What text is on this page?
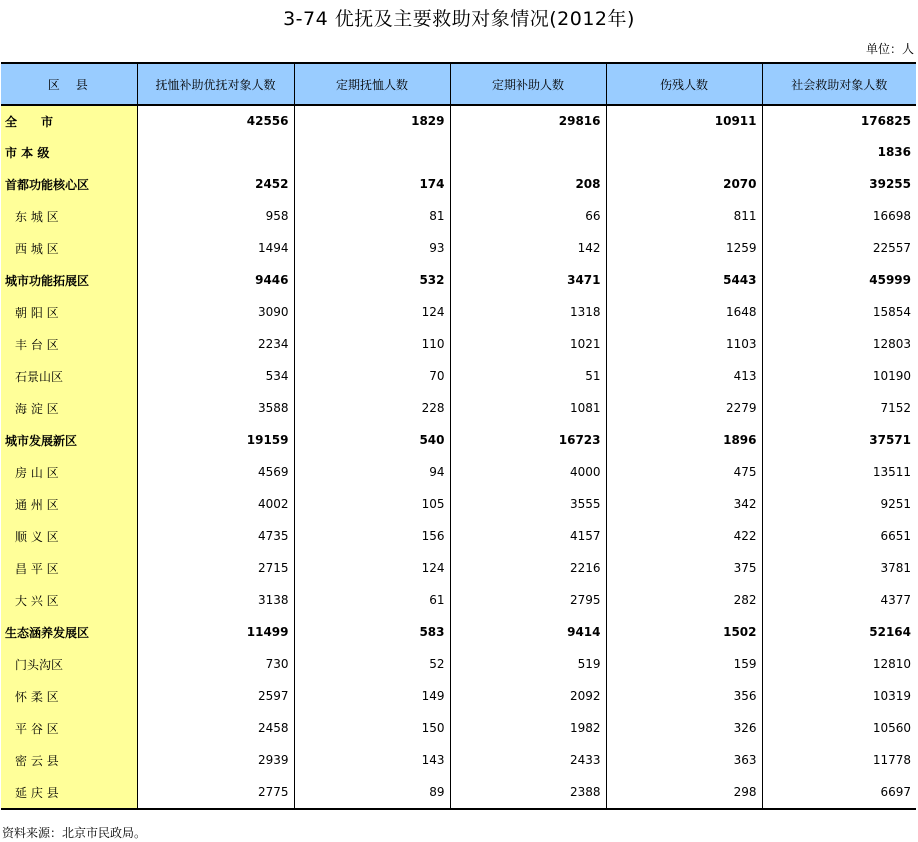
3-74 优抚及主要救助对象情况(2012年)
单位：人
区　县	抚恤补助优抚对象人数	定期抚恤人数	定期补助人数	伤残人数	社会救助对象人数
全　　市	42556	1829	29816	10911	176825
市 本 级					1836
首都功能核心区	2452	174	208	2070	39255
东 城 区	958	81	66	811	16698
西 城 区	1494	93	142	1259	22557
城市功能拓展区	9446	532	3471	5443	45999
朝 阳 区	3090	124	1318	1648	15854
丰 台 区	2234	110	1021	1103	12803
石景山区	534	70	51	413	10190
海 淀 区	3588	228	1081	2279	7152
城市发展新区	19159	540	16723	1896	37571
房 山 区	4569	94	4000	475	13511
通 州 区	4002	105	3555	342	9251
顺 义 区	4735	156	4157	422	6651
昌 平 区	2715	124	2216	375	3781
大 兴 区	3138	61	2795	282	4377
生态涵养发展区	11499	583	9414	1502	52164
门头沟区	730	52	519	159	12810
怀 柔 区	2597	149	2092	356	10319
平 谷 区	2458	150	1982	326	10560
密 云 县	2939	143	2433	363	11778
延 庆 县	2775	89	2388	298	6697
资料来源：北京市民政局。
